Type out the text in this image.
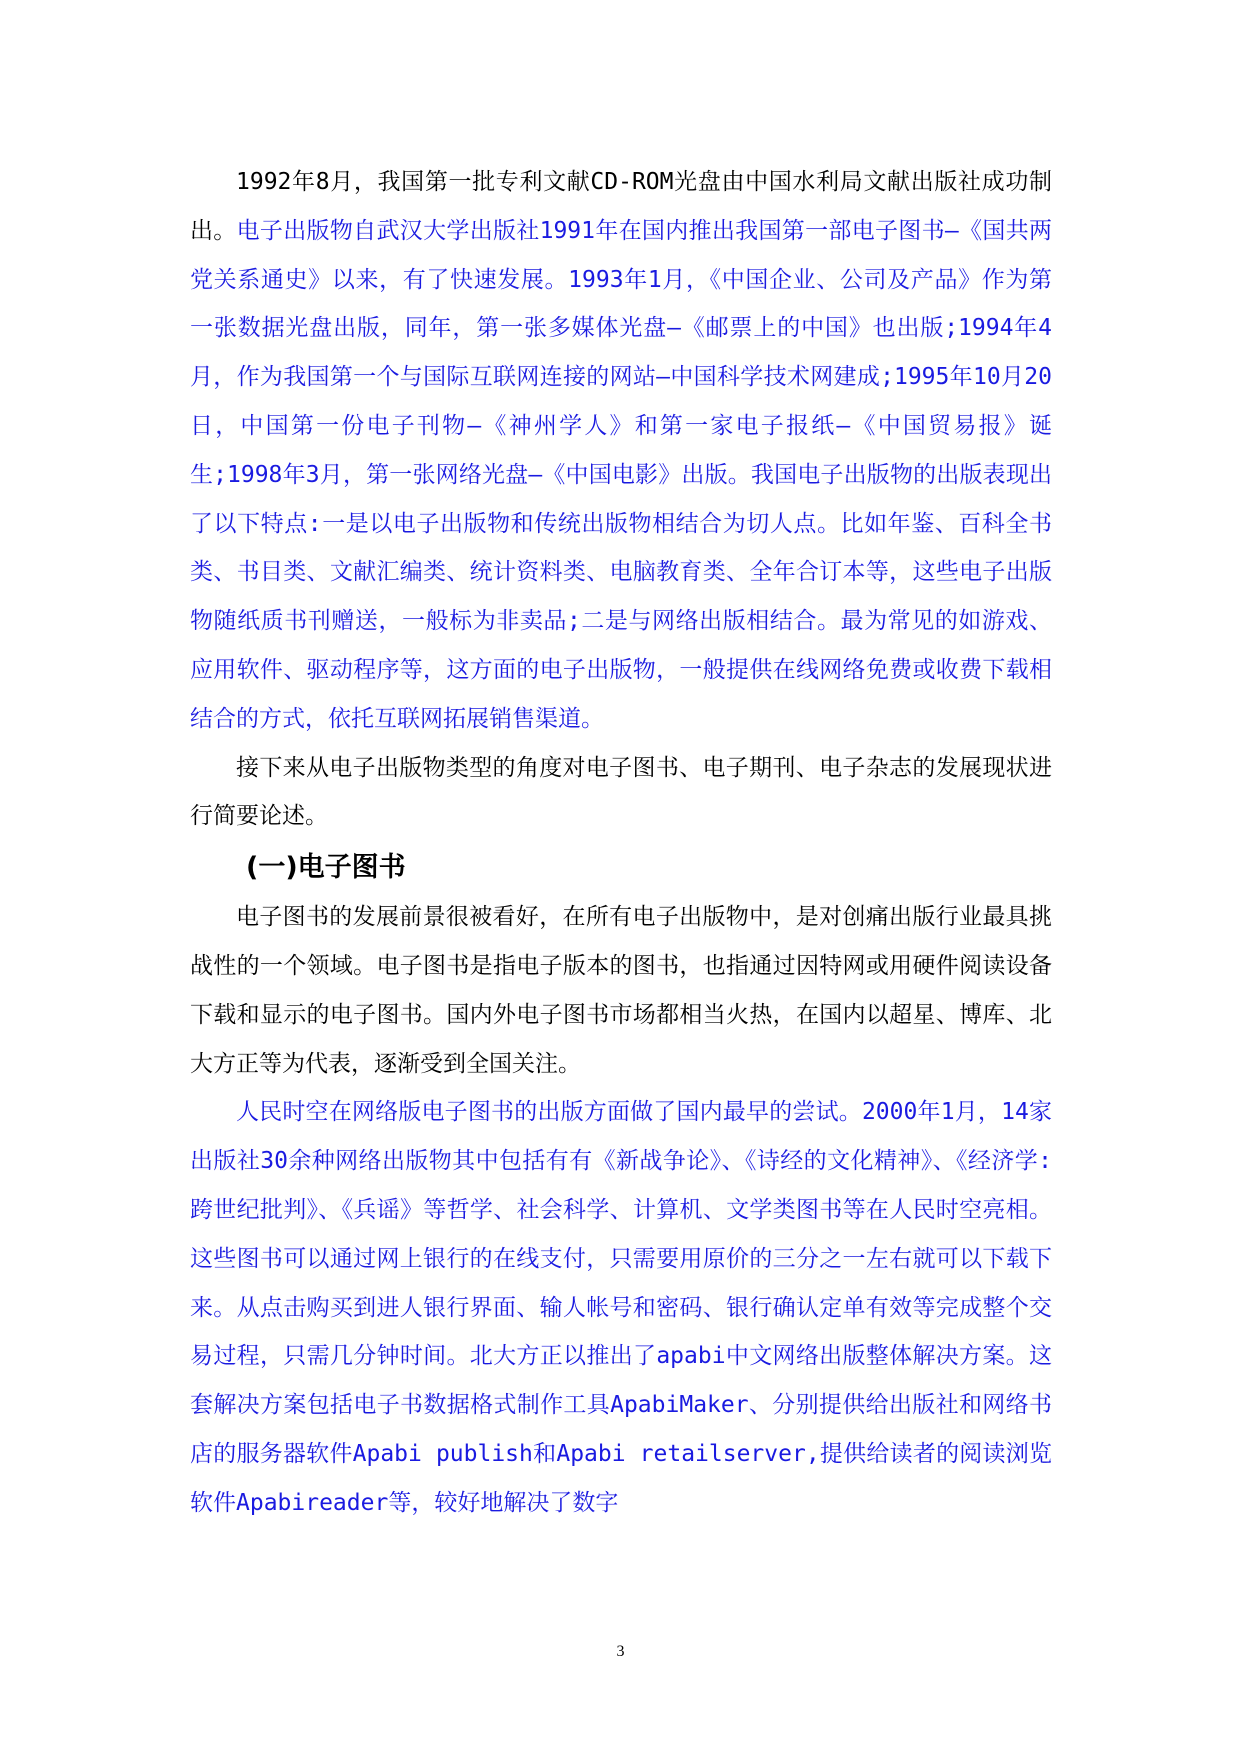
1992年8月，我国第一批专利文献CD-ROM光盘由中国水利局文献出版社成功制出。电子出版物自武汉大学出版社1991年在国内推出我国第一部电子图书—《国共两党关系通史》以来，有了快速发展。1993年1月，《中国企业、公司及产品》作为第一张数据光盘出版，同年，第一张多媒体光盘—《邮票上的中国》也出版;1994年4月，作为我国第一个与国际互联网连接的网站—中国科学技术网建成;1995年10月20日，中国第一份电子刊物—《神州学人》和第一家电子报纸—《中国贸易报》诞生;1998年3月，第一张网络光盘—《中国电影》出版。我国电子出版物的出版表现出了以下特点:一是以电子出版物和传统出版物相结合为切人点。比如年鉴、百科全书类、书目类、文献汇编类、统计资料类、电脑教育类、全年合订本等，这些电子出版物随纸质书刊赠送，一般标为非卖品;二是与网络出版相结合。最为常见的如游戏、应用软件、驱动程序等，这方面的电子出版物，一般提供在线网络免费或收费下载相结合的方式，依托互联网拓展销售渠道。

接下来从电子出版物类型的角度对电子图书、电子期刊、电子杂志的发展现状进行简要论述。

(一)电子图书

电子图书的发展前景很被看好，在所有电子出版物中，是对创痛出版行业最具挑战性的一个领域。电子图书是指电子版本的图书，也指通过因特网或用硬件阅读设备下载和显示的电子图书。国内外电子图书市场都相当火热，在国内以超星、博库、北大方正等为代表，逐渐受到全国关注。

人民时空在网络版电子图书的出版方面做了国内最早的尝试。2000年1月，14家出版社30余种网络出版物其中包括有有《新战争论》、《诗经的文化精神》、《经济学:跨世纪批判》、《兵谣》等哲学、社会科学、计算机、文学类图书等在人民时空亮相。这些图书可以通过网上银行的在线支付，只需要用原价的三分之一左右就可以下载下来。从点击购买到进人银行界面、输人帐号和密码、银行确认定单有效等完成整个交易过程，只需几分钟时间。北大方正以推出了apabi中文网络出版整体解决方案。这套解决方案包括电子书数据格式制作工具ApabiMaker、分别提供给出版社和网络书店的服务器软件Apabi publish和Apabi retailserver,提供给读者的阅读浏览软件Apabireader等，较好地解决了数字

3
